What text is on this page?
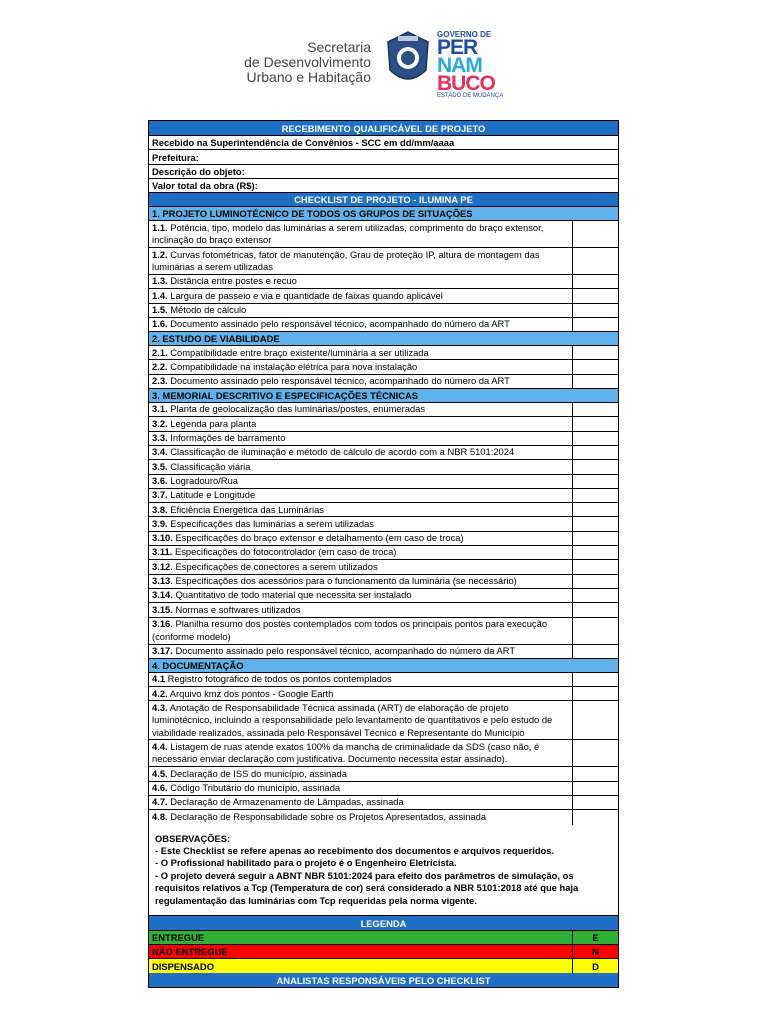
Secretaria
de Desenvolvimento
Urbano e Habitação
GOVERNO DE
PER
NAM
BUCO
ESTADO DE MUDANÇA
RECEBIMENTO QUALIFICÁVEL DE PROJETO
Recebido na Superintendência de Convênios - SCC em dd/mm/aaaa
Prefeitura:
Descrição do objeto:
Valor total da obra (R$):
CHECKLIST DE PROJETO - ILUMINA PE
1. PROJETO LUMINOTÉCNICO DE TODOS OS GRUPOS DE SITUAÇÕES
1.1. Potência, tipo, modelo das luminárias a serem utilizadas, comprimento do braço extensor, inclinação do braço extensor
1.2. Curvas fotométricas, fator de manutenção, Grau de proteção IP, altura de montagem das luminárias a serem utilizadas
1.3. Distância entre postes e recuo
1.4. Largura de passeio e via e quantidade de faixas quando aplicável
1.5. Método de cálculo
1.6. Documento assinado pelo responsável técnico, acompanhado do número da ART
2. ESTUDO DE VIABILIDADE
2.1. Compatibilidade entre braço existente/luminária a ser utilizada
2.2. Compatibilidade na instalação elétrica para nova instalação
2.3. Documento assinado pelo responsável técnico, acompanhado do número da ART
3. MEMORIAL DESCRITIVO E ESPECIFICAÇÕES TÉCNICAS
3.1. Planta de geolocalização das luminárias/postes, enumeradas
3.2. Legenda para planta
3.3. Informações de barramento
3.4. Classificação de iluminação e método de cálculo de acordo com a NBR 5101:2024
3.5. Classificação viária
3.6. Logradouro/Rua
3.7. Latitude e Longitude
3.8. Eficiência Energética das Luminárias
3.9. Especificações das luminárias a serem utilizadas
3.10. Especificações do braço extensor e detalhamento (em caso de troca)
3.11. Especificações do fotocontrolador (em caso de troca)
3.12. Especificações de conectores a serem utilizados
3.13. Especificações dos acessórios para o funcionamento da luminária (se necessário)
3.14. Quantitativo de todo material que necessita ser instalado
3.15. Normas e softwares utilizados
3.16. Planilha resumo dos postes contemplados com todos os principais pontos para execução (conforme modelo)
3.17. Documento assinado pelo responsável técnico, acompanhado do número da ART
4. DOCUMENTAÇÃO
4.1 Registro fotográfico de todos os pontos contemplados
4.2. Arquivo kmz dos pontos - Google Earth
4.3. Anotação de Responsabilidade Técnica assinada (ART) de elaboração de projeto luminotécnico, incluindo a responsabilidade pelo levantamento de quantitativos e pelo estudo de viabilidade realizados, assinada pelo Responsável Técnico e Representante do Município
4.4. Listagem de ruas atende exatos 100% da mancha de criminalidade da SDS (caso não, é necessário enviar declaração com justificativa. Documento necessita estar assinado).
4.5. Declaração de ISS do município, assinada
4.6. Código Tributário do município, assinada
4.7. Declaração de Armazenamento de Lâmpadas, assinada
4.8. Declaração de Responsabilidade sobre os Projetos Apresentados, assinada
OBSERVAÇÕES:
- Este Checklist se refere apenas ao recebimento dos documentos e arquivos requeridos.
- O Profissional habilitado para o projeto é o Engenheiro Eletricista.
- O projeto deverá seguir a ABNT NBR 5101:2024 para efeito dos parâmetros de simulação, os requisitos relativos a Tcp (Temperatura de cor) será considerado a NBR 5101:2018 até que haja regulamentação das luminárias com Tcp requeridas pela norma vigente.
LEGENDA
ENTREGUE	E
NÃO ENTREGUE	N
DISPENSADO	D
ANALISTAS RESPONSÁVEIS PELO CHECKLIST
